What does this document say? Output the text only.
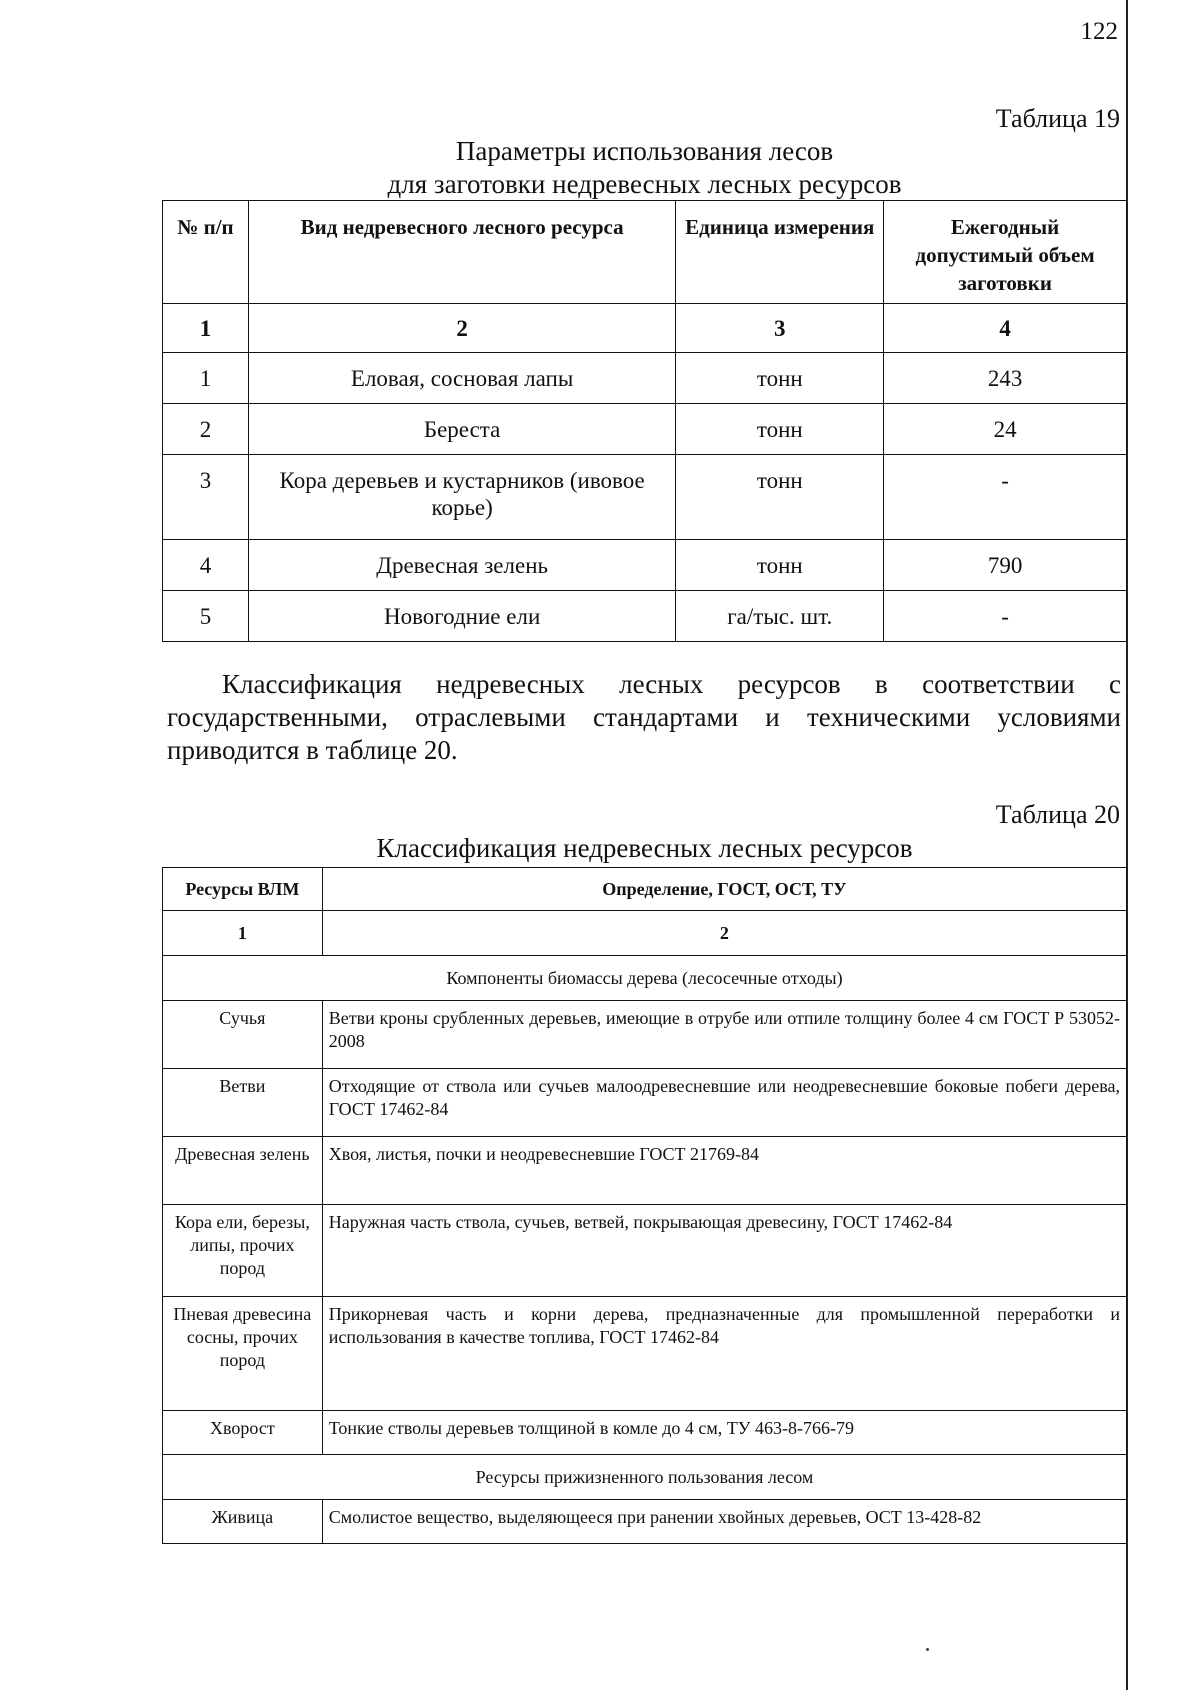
122
Таблица 19
Параметры использования лесов
для заготовки недревесных лесных ресурсов
№ п/п	Вид недревесного лесного ресурса	Единица измерения	Ежегодный допустимый объем заготовки
1	2	3	4
1	Еловая, сосновая лапы	тонн	243
2	Береста	тонн	24
3	Кора деревьев и кустарников (ивовое корье)	тонн	-
4	Древесная зелень	тонн	790
5	Новогодние ели	га/тыс. шт.	-
Классификация недревесных лесных ресурсов в соответствии с государственными, отраслевыми стандартами и техническими условиями приводится в таблице 20.
Таблица 20
Классификация недревесных лесных ресурсов
Ресурсы ВЛМ	Определение, ГОСТ, ОСТ, ТУ
1	2
Компоненты биомассы дерева (лесосечные отходы)	
Сучья	Ветви кроны срубленных деревьев, имеющие в отрубе или отпиле толщину более 4 см ГОСТ Р 53052-2008
Ветви	Отходящие от ствола или сучьев малоодревесневшие или неодревесневшие боковые побеги дерева, ГОСТ 17462-84
Древесная зелень	Хвоя, листья, почки и неодревесневшие ГОСТ 21769-84
Кора ели, березы, липы, прочих пород	Наружная часть ствола, сучьев, ветвей, покрывающая древесину, ГОСТ 17462-84
Пневая древесина сосны, прочих пород	Прикорневая часть и корни дерева, предназначенные для промышленной переработки и использования в качестве топлива, ГОСТ 17462-84
Хворост	Тонкие стволы деревьев толщиной в комле до 4 см, ТУ 463-8-766-79
Ресурсы прижизненного пользования лесом	
Живица	Смолистое вещество, выделяющееся при ранении хвойных деревьев, ОСТ 13-428-82
